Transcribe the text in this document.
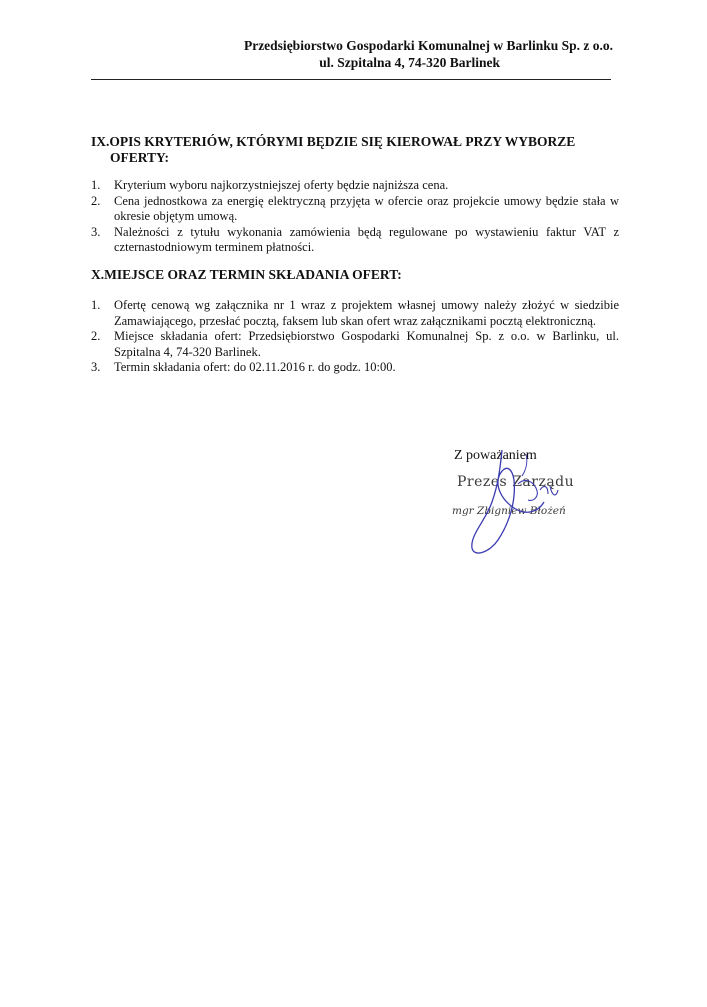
Przedsiębiorstwo Gospodarki Komunalnej w Barlinku Sp. z o.o.
ul. Szpitalna 4, 74-320 Barlinek
IX.OPIS KRYTERIÓW, KTÓRYMI BĘDZIE SIĘ KIEROWAŁ PRZY WYBORZE
OFERTY:
1. Kryterium wyboru najkorzystniejszej oferty będzie najniższa cena.
2. Cena jednostkowa za energię elektryczną przyjęta w ofercie oraz projekcie umowy będzie stała w okresie objętym umową.
3. Należności z tytułu wykonania zamówienia będą regulowane po wystawieniu faktur VAT z czternastodniowym terminem płatności.
X.MIEJSCE ORAZ TERMIN SKŁADANIA OFERT:
1. Ofertę cenową wg załącznika nr 1 wraz z projektem własnej umowy należy złożyć w siedzibie Zamawiającego, przesłać pocztą, faksem lub skan ofert wraz załącznikami pocztą elektroniczną.
2. Miejsce składania ofert: Przedsiębiorstwo Gospodarki Komunalnej Sp. z o.o. w Barlinku, ul. Szpitalna 4, 74-320 Barlinek.
3. Termin składania ofert: do 02.11.2016 r. do godz. 10:00.
Z poważaniem
Prezes Zarządu
mgr Zbigniew Błożeń
